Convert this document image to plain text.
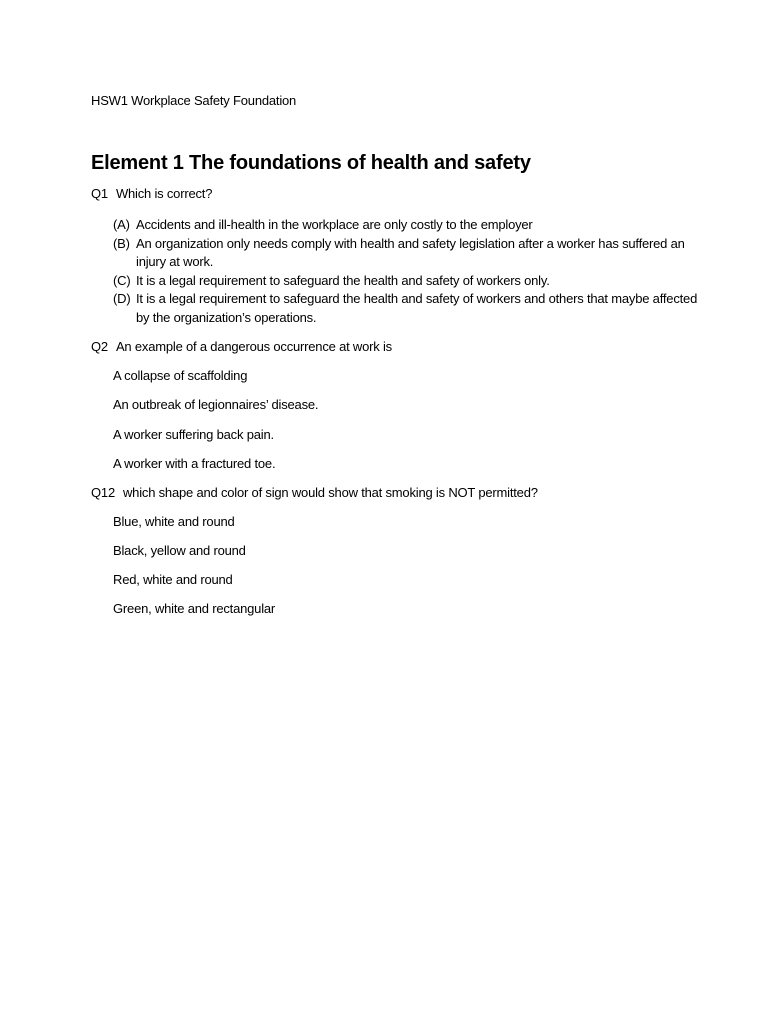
HSW1 Workplace Safety Foundation
Element 1 The foundations of health and safety
Q1 Which is correct?
(A) Accidents and ill-health in the workplace are only costly to the employer
(B) An organization only needs comply with health and safety legislation after a worker has suffered an injury at work.
(C) It is a legal requirement to safeguard the health and safety of workers only.
(D) It is a legal requirement to safeguard the health and safety of workers and others that maybe affected by the organization’s operations.
Q2 An example of a dangerous occurrence at work is
A collapse of scaffolding
An outbreak of legionnaires’ disease.
A worker suffering back pain.
A worker with a fractured toe.
Q12 which shape and color of sign would show that smoking is NOT permitted?
Blue, white and round
Black, yellow and round
Red, white and round
Green, white and rectangular
